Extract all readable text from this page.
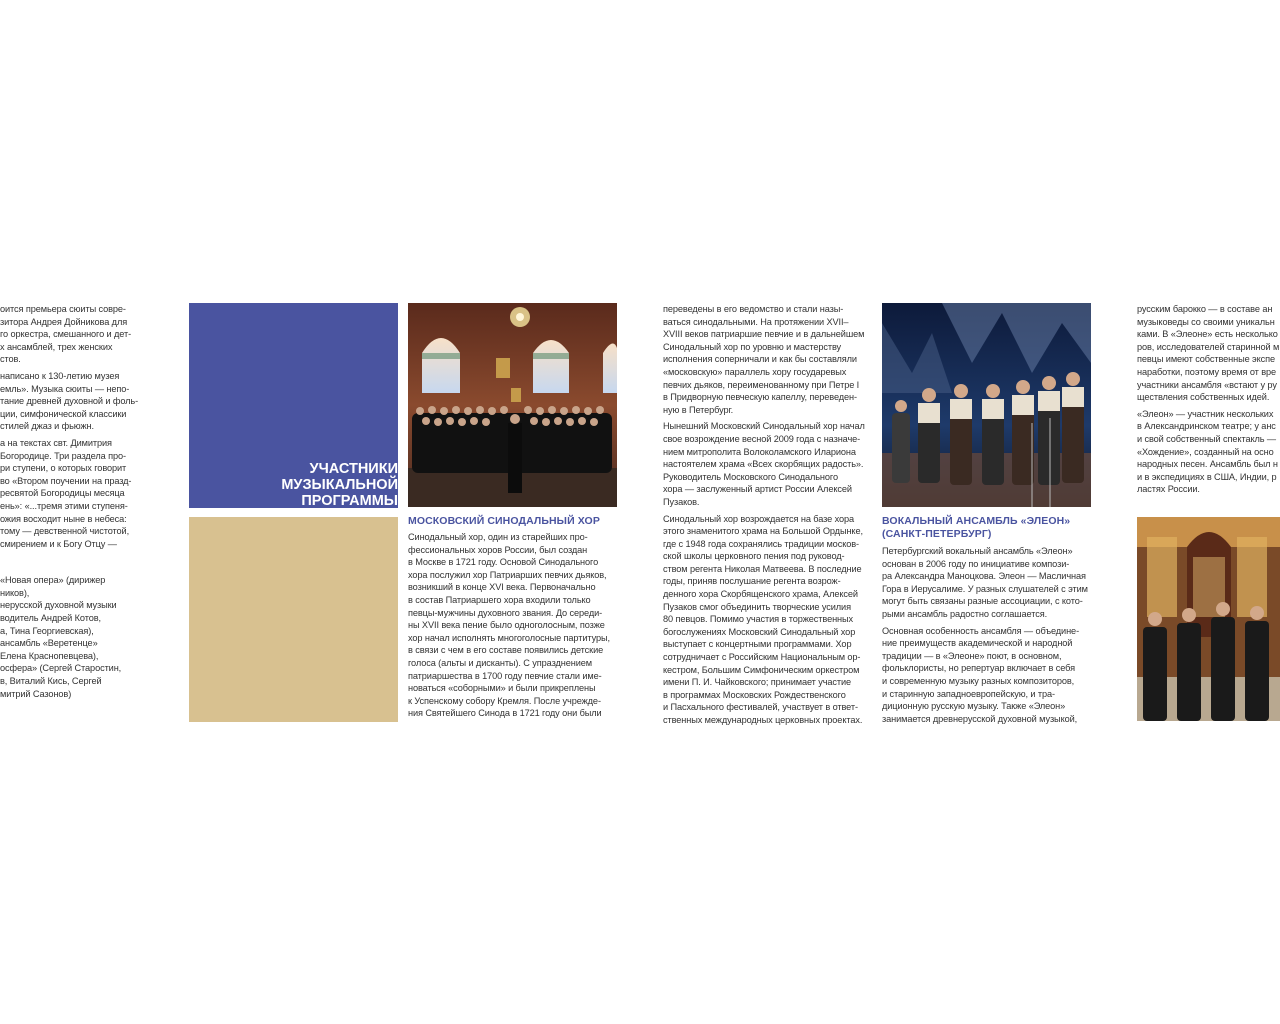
оится премьера сюиты совре-
зитора Андрея Дойникова для
го оркестра, смешанного и дет-
х ансамблей, трех женских
стов.

написано к 130-летию музея
емль». Музыка сюиты — непо-
тание древней духовной и фоль-
ции, симфонической классики
стилей джаз и фьюжн.

а на текстах свт. Димитрия
Богородице. Три раздела про-
ри ступени, о которых говорит
во «Втором поучении на празд-
ресвятой Богородицы месяца
ень»: «...тремя этими ступеня-
ожия восходит ныне в небеса:
тому — девственной чистотой,
смирением и к Богу Отцу —

«Новая опера» (дирижер
ников),
нерусской духовной музыки
водитель Андрей Котов,
а, Тина Георгиевская),
ансамбль «Веретенце»
Елена Краснопевцева),
осфера» (Сергей Старостин,
в, Виталий Кись, Сергей
митрий Сазонов)

УЧАСТНИКИ МУЗЫКАЛЬНОЙ
ПРОГРАММЫ
МОСКОВСКИЙ СИНОДАЛЬНЫЙ ХОР

Синодальный хор, один из старейших про-
фессиональных хоров России, был создан
в Москве в 1721 году. Основой Синодального
хора послужил хор Патриарших певчих дьяков,
возникший в конце XVI века. Первоначально
в состав Патриаршего хора входили только
певцы-мужчины духовного звания. До середи-
ны XVII века пение было одноголосным, позже
хор начал исполнять многоголосные партитуры,
в связи с чем в его составе появились детские
голоса (альты и дисканты). С упразднением
патриаршества в 1700 году певчие стали име-
новаться «соборными» и были прикреплены
к Успенскому собору Кремля. После учрежде-
ния Святейшего Синода в 1721 году они были

переведены в его ведомство и стали назы-
ваться синодальными. На протяжении XVII–
XVIII веков патриаршие певчие и в дальнейшем
Синодальный хор по уровню и мастерству
исполнения соперничали и как бы составляли
«московскую» параллель хору государевых
певчих дьяков, переименованному при Петре I
в Придворную певческую капеллу, переведен-
ную в Петербург.

Нынешний Московский Синодальный хор начал
свое возрождение весной 2009 года с назначе-
нием митрополита Волоколамского Илариона
настоятелем храма «Всех скорбящих радость».
Руководитель Московского Синодального
хора — заслуженный артист России Алексей
Пузаков.

Синодальный хор возрождается на базе хора
этого знаменитого храма на Большой Ордынке,
где с 1948 года сохранялись традиции москов-
ской школы церковного пения под руковод-
ством регента Николая Матвеева. В последние
годы, приняв послушание регента возрож-
денного хора Скорбященского храма, Алексей
Пузаков смог объединить творческие усилия
80 певцов. Помимо участия в торжественных
богослужениях Московский Синодальный хор
выступает с концертными программами. Хор
сотрудничает с Российским Национальным ор-
кестром, Большим Симфоническим оркестром
имени П. И. Чайковского; принимает участие
в программах Московских Рождественского
и Пасхального фестивалей, участвует в ответ-
ственных международных церковных проектах.

ВОКАЛЬНЫЙ АНСАМБЛЬ «ЭЛЕОН»
(САНКТ-ПЕТЕРБУРГ)

Петербургский вокальный ансамбль «Элеон»
основан в 2006 году по инициативе компози-
ра Александра Маноцкова. Элеон — Масличная
Гора в Иерусалиме. У разных слушателей с этим
могут быть связаны разные ассоциации, с кото-
рыми ансамбль радостно соглашается.

Основная особенность ансамбля — объедине-
ние преимуществ академической и народной
традиции — в «Элеоне» поют, в основном,
фольклористы, но репертуар включает в себя
и современную музыку разных композиторов,
и старинную западноевропейскую, и тра-
диционную русскую музыку. Также «Элеон»
занимается древнерусской духовной музыкой,

русским барокко — в составе ан
музыковеды со своими уникальн
ками. В «Элеоне» есть несколько
ров, исследователей старинной м
певцы имеют собственные экспе
наработки, поэтому время от вре
участники ансамбля «встают у ру
ществления собственных идей.

«Элеон» — участник нескольких
в Александринском театре; у анс
и свой собственный спектакль —
«Хождение», созданный на осно
народных песен. Ансамбль был н
и в экспедициях в США, Индии, р
ластях России.
